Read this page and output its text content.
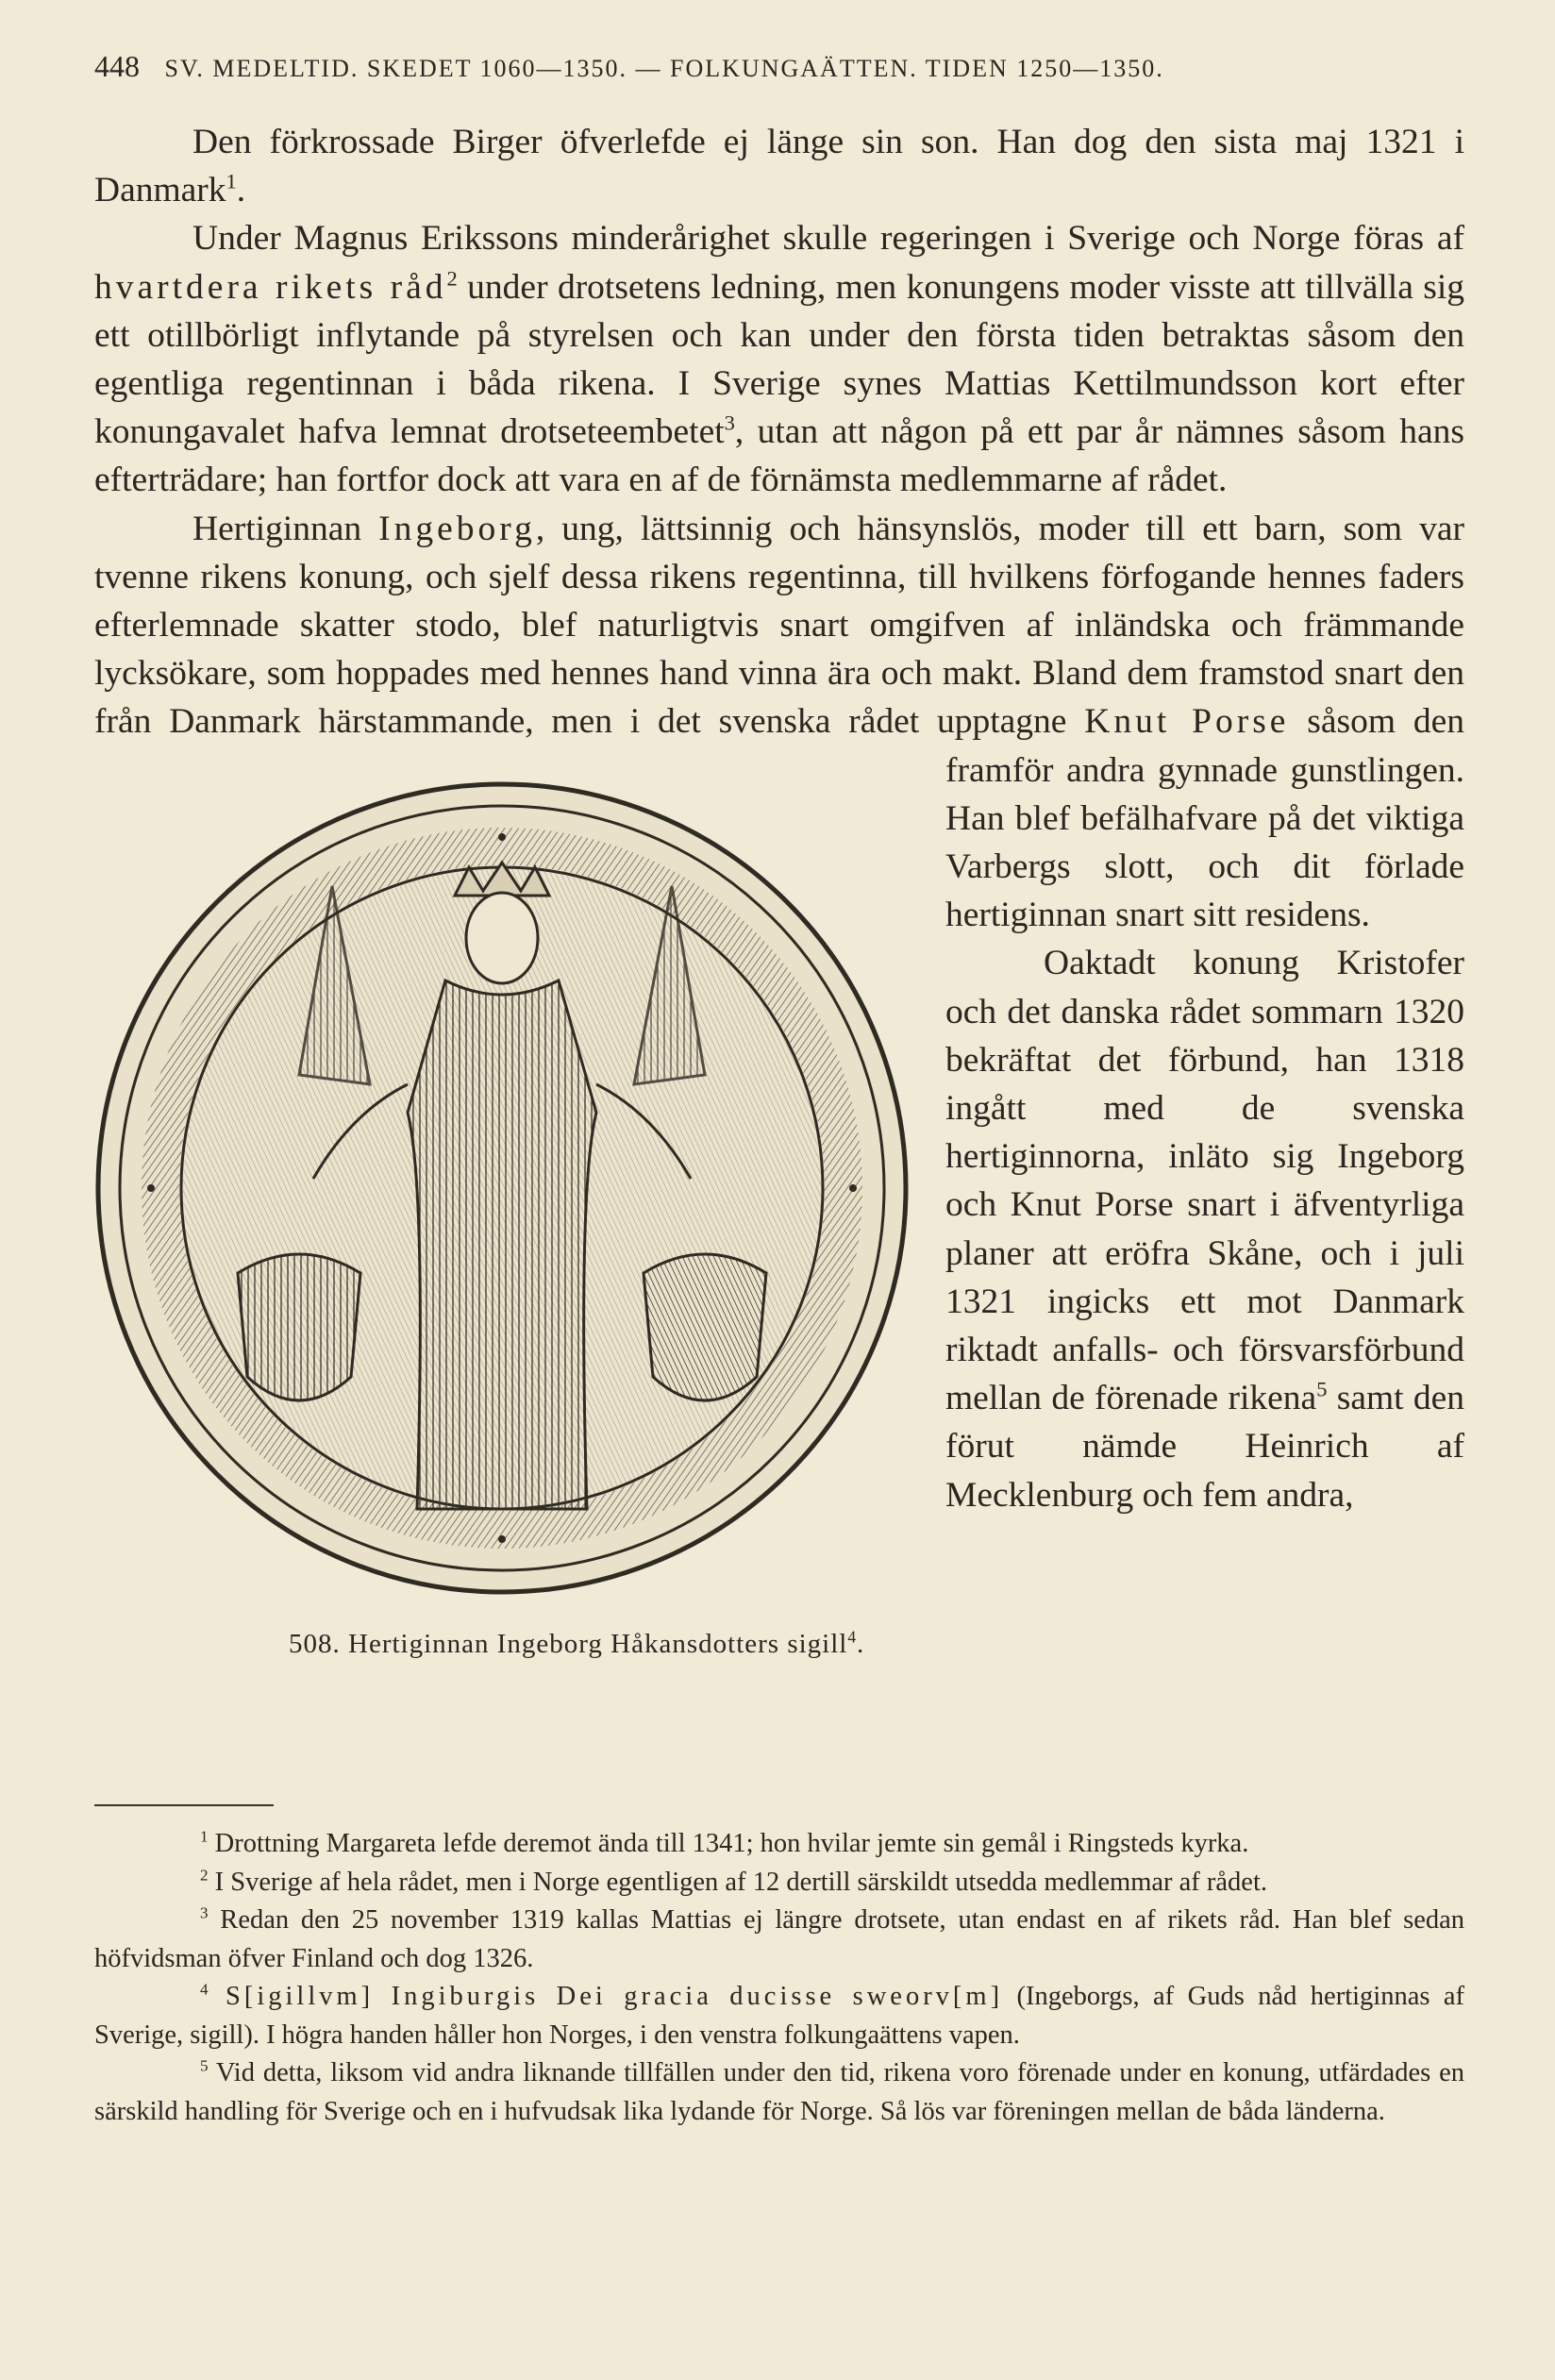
448 SV. MEDELTID. SKEDET 1060—1350. — FOLKUNGAÄTTEN. TIDEN 1250—1350.

Den förkrossade Birger öfverlefde ej länge sin son. Han dog den sista maj 1321 i Danmark$^1$.

Under Magnus Erikssons minderårighet skulle regeringen i Sverige och Norge föras af hvartdera rikets råd$^2$ under drotsetens ledning, men konungens moder visste att tillvälla sig ett otillbörligt inflytande på styrelsen och kan under den första tiden betraktas såsom den egentliga regentinnan i båda rikena. I Sverige synes Mattias Kettilmundsson kort efter konungavalet hafva lemnat drotseteembetet$^3$, utan att någon på ett par år nämnes såsom hans efterträdare; han fortfor dock att vara en af de förnämsta medlemmarne af rådet.

Hertiginnan Ingeborg, ung, lättsinnig och hänsynslös, moder till ett barn, som var tvenne rikens konung, och sjelf dessa rikens regentinna, till hvilkens förfogande hennes faders efterlemnade skatter stodo, blef naturligtvis snart omgifven af inländska och främmande lycksökare, som hoppades med hennes hand vinna ära och makt. Bland dem framstod snart den från Danmark härstammande, men i det svenska rådet upptagne
508. Hertiginnan Ingeborg Håkansdotters sigill$^4$.
Knut Porse såsom den framför andra gynnade gunstlingen. Han blef befälhafvare på det viktiga Varbergs slott, och dit förlade hertiginnan snart sitt residens.

Oaktadt konung Kristofer och det danska rådet sommarn 1320 bekräftat det förbund, han 1318 ingått med de svenska hertiginnorna, inläto sig Ingeborg och Knut Porse snart i äfventyrliga planer att eröfra Skåne, och i juli 1321 ingicks ett mot Danmark riktadt anfalls- och försvarsförbund mellan de förenade rikena$^5$ samt den förut nämde Heinrich af Mecklenburg och fem andra,

$^1$ Drottning Margareta lefde deremot ända till 1341; hon hvilar jemte sin gemål i Ringsteds kyrka.

$^2$ I Sverige af hela rådet, men i Norge egentligen af 12 dertill särskildt utsedda medlemmar af rådet.

$^3$ Redan den 25 november 1319 kallas Mattias ej längre drotsete, utan endast en af rikets råd. Han blef sedan höfvidsman öfver Finland och dog 1326.

$^4$ S[igillvm] Ingiburgis Dei gracia ducisse sweorv[m] (Ingeborgs, af Guds nåd hertiginnas af Sverige, sigill). I högra handen håller hon Norges, i den venstra folkungaättens vapen.

$^5$ Vid detta, liksom vid andra liknande tillfällen under den tid, rikena voro förenade under en konung, utfärdades en särskild handling för Sverige och en i hufvudsak lika lydande för Norge. Så lös var föreningen mellan de båda länderna.
